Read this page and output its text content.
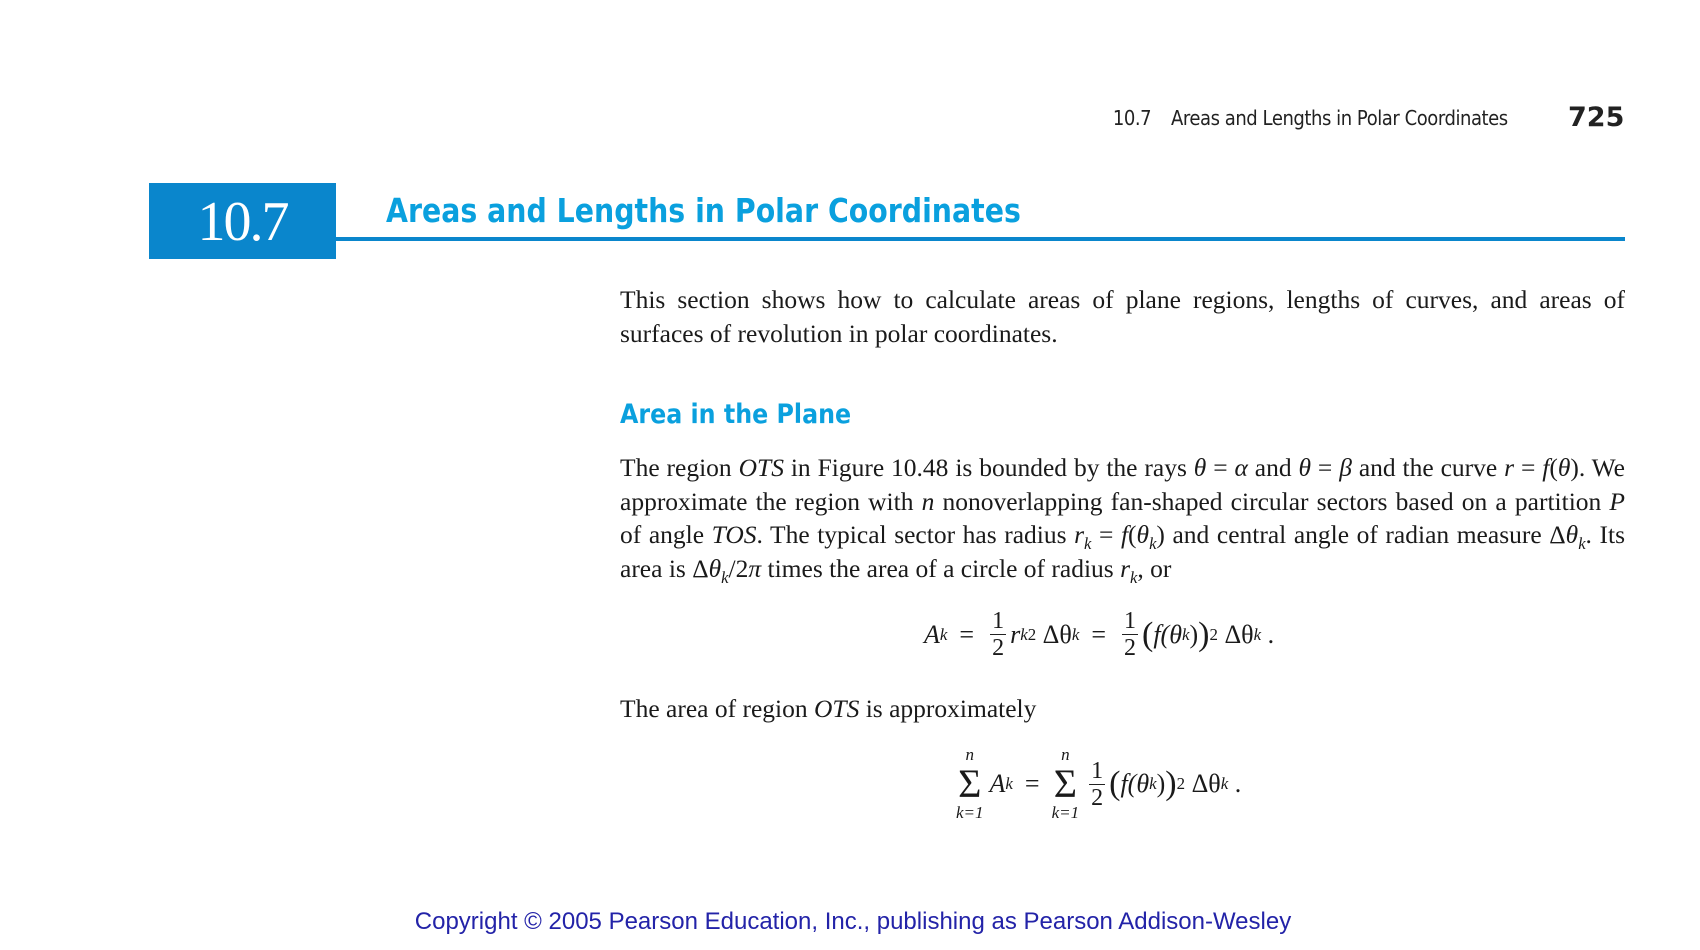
10.7 Areas and Lengths in Polar Coordinates 725
10.7	Areas and Lengths in Polar Coordinates
This section shows how to calculate areas of plane regions, lengths of curves, and areas of surfaces of revolution in polar coordinates.
Area in the Plane
The region OTS in Figure 10.48 is bounded by the rays θ = α and θ = β and the curve r = f(θ). We approximate the region with n nonoverlapping fan-shaped circular sectors based on a partition P of angle TOS. The typical sector has radius $r_k = f(\theta_k)$ and central angle of radian measure $\Delta\theta_k$. Its area is $\Delta\theta_k/2\pi$ times the area of a circle of radius $r_k$, or
A $k = \frac{1}{2}$ r k 2
Δθ $k = \frac{1}{2}$ ( f(θ k ) ) 2
Δθ k
.
The area of region OTS is approximately
n
Σ
k=1
A k =
n
Σ
k=1
$\frac{1}{2}$ ( f(θ k ) ) 2
Δθ k
.
Copyright © 2005 Pearson Education, Inc., publishing as Pearson Addison-Wesley
